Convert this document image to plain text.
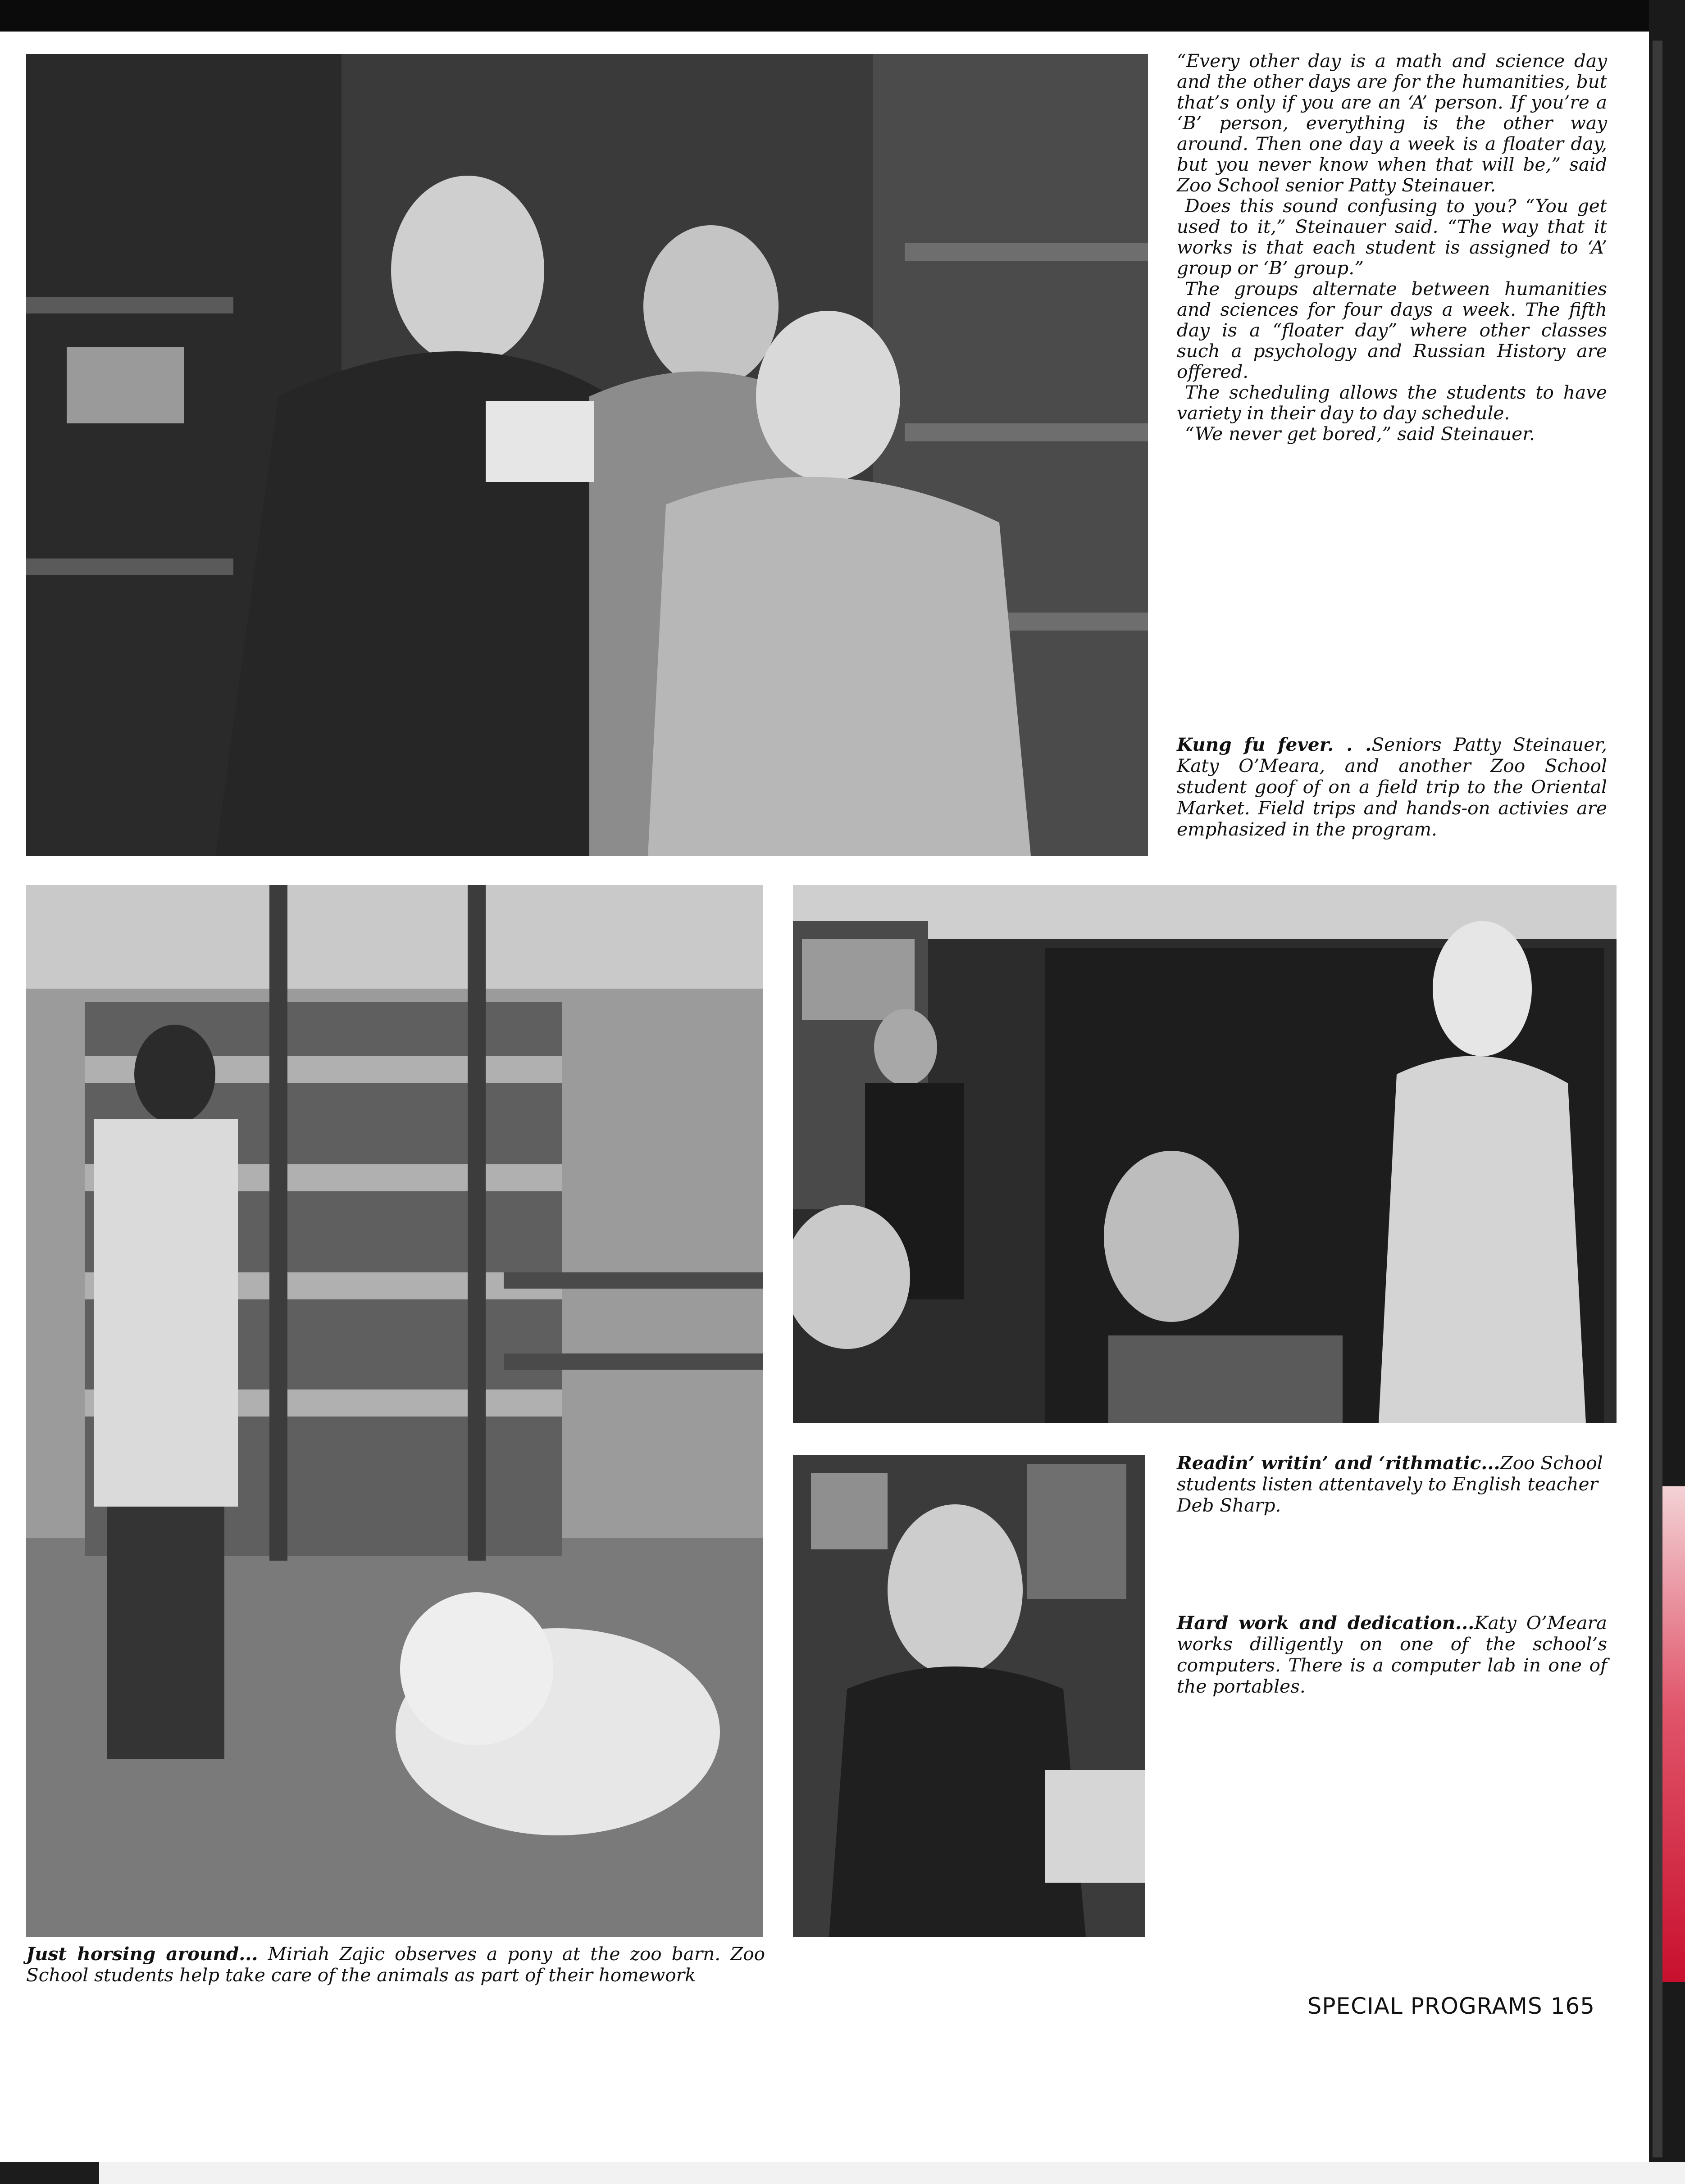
“Every other day is a math and science day and the other days are for the humanities, but that’s only if you are an ‘A’ person. If you’re a ‘B’ person, everything is the other way around. Then one day a week is a floater day, but you never know when that will be,” said Zoo School senior Patty Steinauer.

Does this sound confusing to you? “You get used to it,” Steinauer said. “The way that it works is that each student is assigned to ‘A’ group or ‘B’ group.”

The groups alternate between humanities and sciences for four days a week. The fifth day is a “floater day” where other classes such a psychology and Russian History are offered.

The scheduling allows the students to have variety in their day to day schedule.

“We never get bored,” said Steinauer.

Kung fu fever. . .Seniors Patty Steinauer, Katy O’Meara, and another Zoo School student goof of on a field trip to the Oriental Market. Field trips and hands-on activies are emphasized in the program.
Readin’ writin’ and ‘rithmatic...Zoo School students listen attentavely to English teacher Deb Sharp.
Hard work and dedication...Katy O’Meara works dilligently on one of the school’s computers. There is a computer lab in one of the portables.
Just horsing around... Miriah Zajic observes a pony at the zoo barn. Zoo School students help take care of the animals as part of their homework
SPECIAL PROGRAMS 165
